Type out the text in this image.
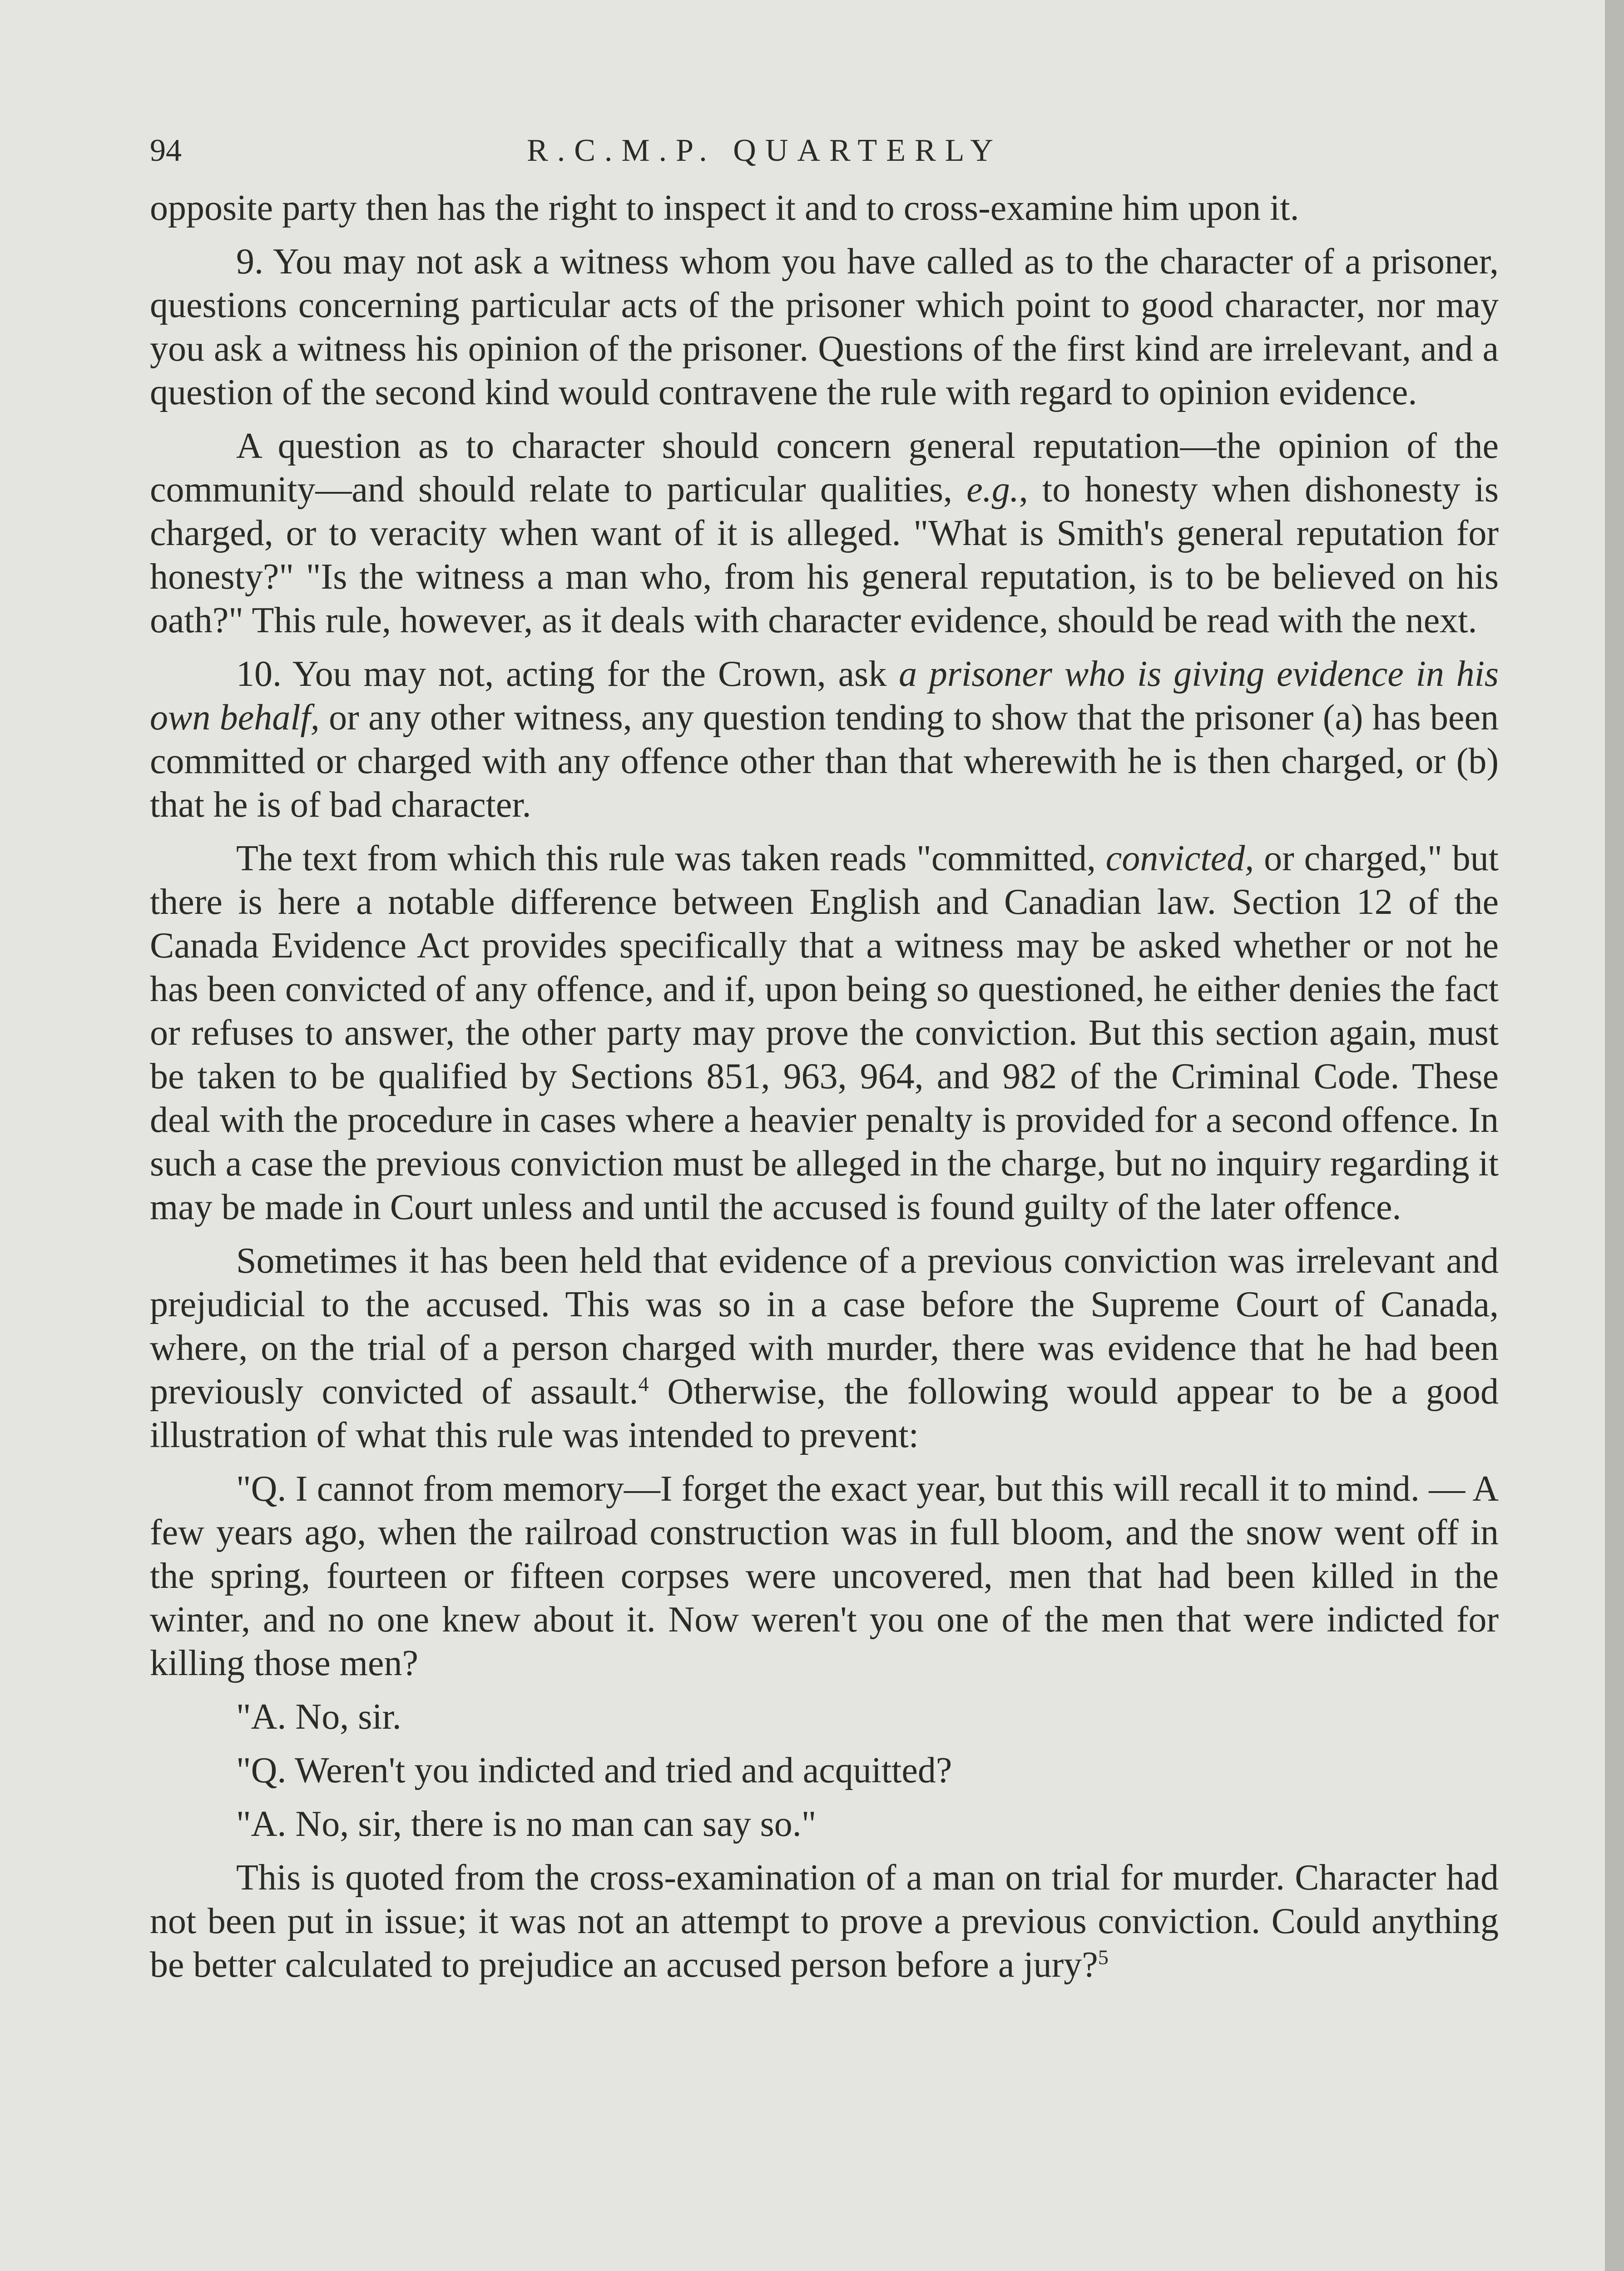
94	R.C.M.P. QUARTERLY

opposite party then has the right to inspect it and to cross-examine him upon it.

9. You may not ask a witness whom you have called as to the character of a prisoner, questions concerning particular acts of the prisoner which point to good character, nor may you ask a witness his opinion of the prisoner. Questions of the first kind are irrelevant, and a question of the second kind would contravene the rule with regard to opinion evidence.

A question as to character should concern general reputation—the opinion of the community—and should relate to particular qualities, e.g., to honesty when dishonesty is charged, or to veracity when want of it is alleged. "What is Smith's general reputation for honesty?" "Is the witness a man who, from his general reputation, is to be believed on his oath?" This rule, however, as it deals with character evidence, should be read with the next.

10. You may not, acting for the Crown, ask a prisoner who is giving evidence in his own behalf, or any other witness, any question tending to show that the prisoner (a) has been committed or charged with any offence other than that wherewith he is then charged, or (b) that he is of bad character.

The text from which this rule was taken reads "committed, convicted, or charged," but there is here a notable difference between English and Canadian law. Section 12 of the Canada Evidence Act provides specifically that a witness may be asked whether or not he has been convicted of any offence, and if, upon being so questioned, he either denies the fact or refuses to answer, the other party may prove the conviction. But this section again, must be taken to be qualified by Sections 851, 963, 964, and 982 of the Criminal Code. These deal with the procedure in cases where a heavier penalty is provided for a second offence. In such a case the previous conviction must be alleged in the charge, but no inquiry regarding it may be made in Court unless and until the accused is found guilty of the later offence.

Sometimes it has been held that evidence of a previous conviction was irrelevant and prejudicial to the accused. This was so in a case before the Supreme Court of Canada, where, on the trial of a person charged with murder, there was evidence that he had been previously convicted of assault.$^4$ Otherwise, the following would appear to be a good illustration of what this rule was intended to prevent:

"Q. I cannot from memory—I forget the exact year, but this will recall it to mind. — A few years ago, when the railroad construction was in full bloom, and the snow went off in the spring, fourteen or fifteen corpses were uncovered, men that had been killed in the winter, and no one knew about it. Now weren't you one of the men that were indicted for killing those men?

"A. No, sir.

"Q. Weren't you indicted and tried and acquitted?

"A. No, sir, there is no man can say so."

This is quoted from the cross-examination of a man on trial for murder. Character had not been put in issue; it was not an attempt to prove a previous conviction. Could anything be better calculated to prejudice an accused person before a jury?$^5$
